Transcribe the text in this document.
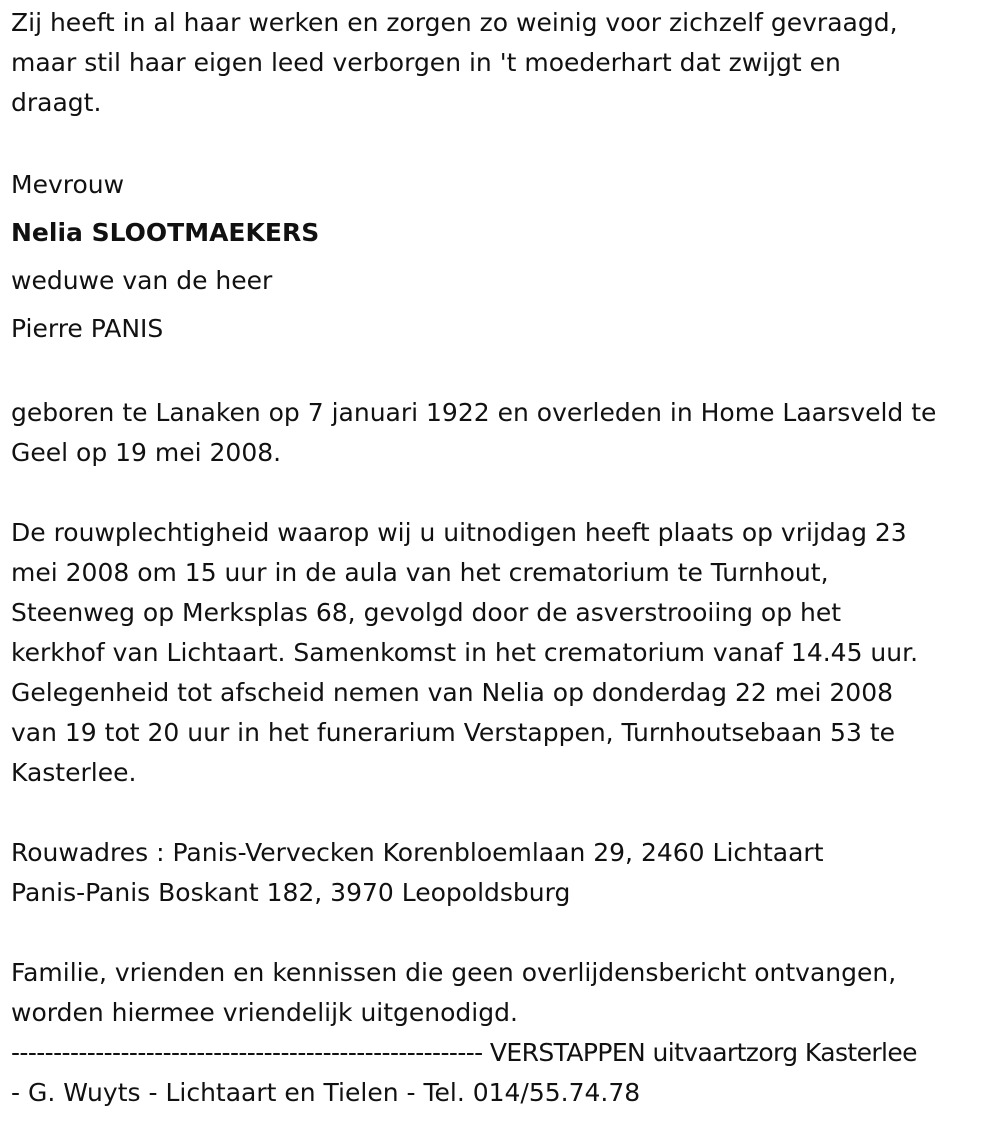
Zij heeft in al haar werken en zorgen zo weinig voor zichzelf gevraagd,
maar stil haar eigen leed verborgen in 't moederhart dat zwijgt en
draagt.
Mevrouw
Nelia SLOOTMAEKERS
weduwe van de heer
Pierre PANIS
geboren te Lanaken op 7 januari 1922 en overleden in Home Laarsveld te
Geel op 19 mei 2008.
De rouwplechtigheid waarop wij u uitnodigen heeft plaats op vrijdag 23
mei 2008 om 15 uur in de aula van het crematorium te Turnhout,
Steenweg op Merksplas 68, gevolgd door de asverstrooiing op het
kerkhof van Lichtaart. Samenkomst in het crematorium vanaf 14.45 uur.
Gelegenheid tot afscheid nemen van Nelia op donderdag 22 mei 2008
van 19 tot 20 uur in het funerarium Verstappen, Turnhoutsebaan 53 te
Kasterlee.
Rouwadres : Panis-Vervecken Korenbloemlaan 29, 2460 Lichtaart
Panis-Panis Boskant 182, 3970 Leopoldsburg
Familie, vrienden en kennissen die geen overlijdensbericht ontvangen,
worden hiermee vriendelijk uitgenodigd.
-------------------------------------------------------- VERSTAPPEN uitvaartzorg Kasterlee
- G. Wuyts - Lichtaart en Tielen - Tel. 014/55.74.78
